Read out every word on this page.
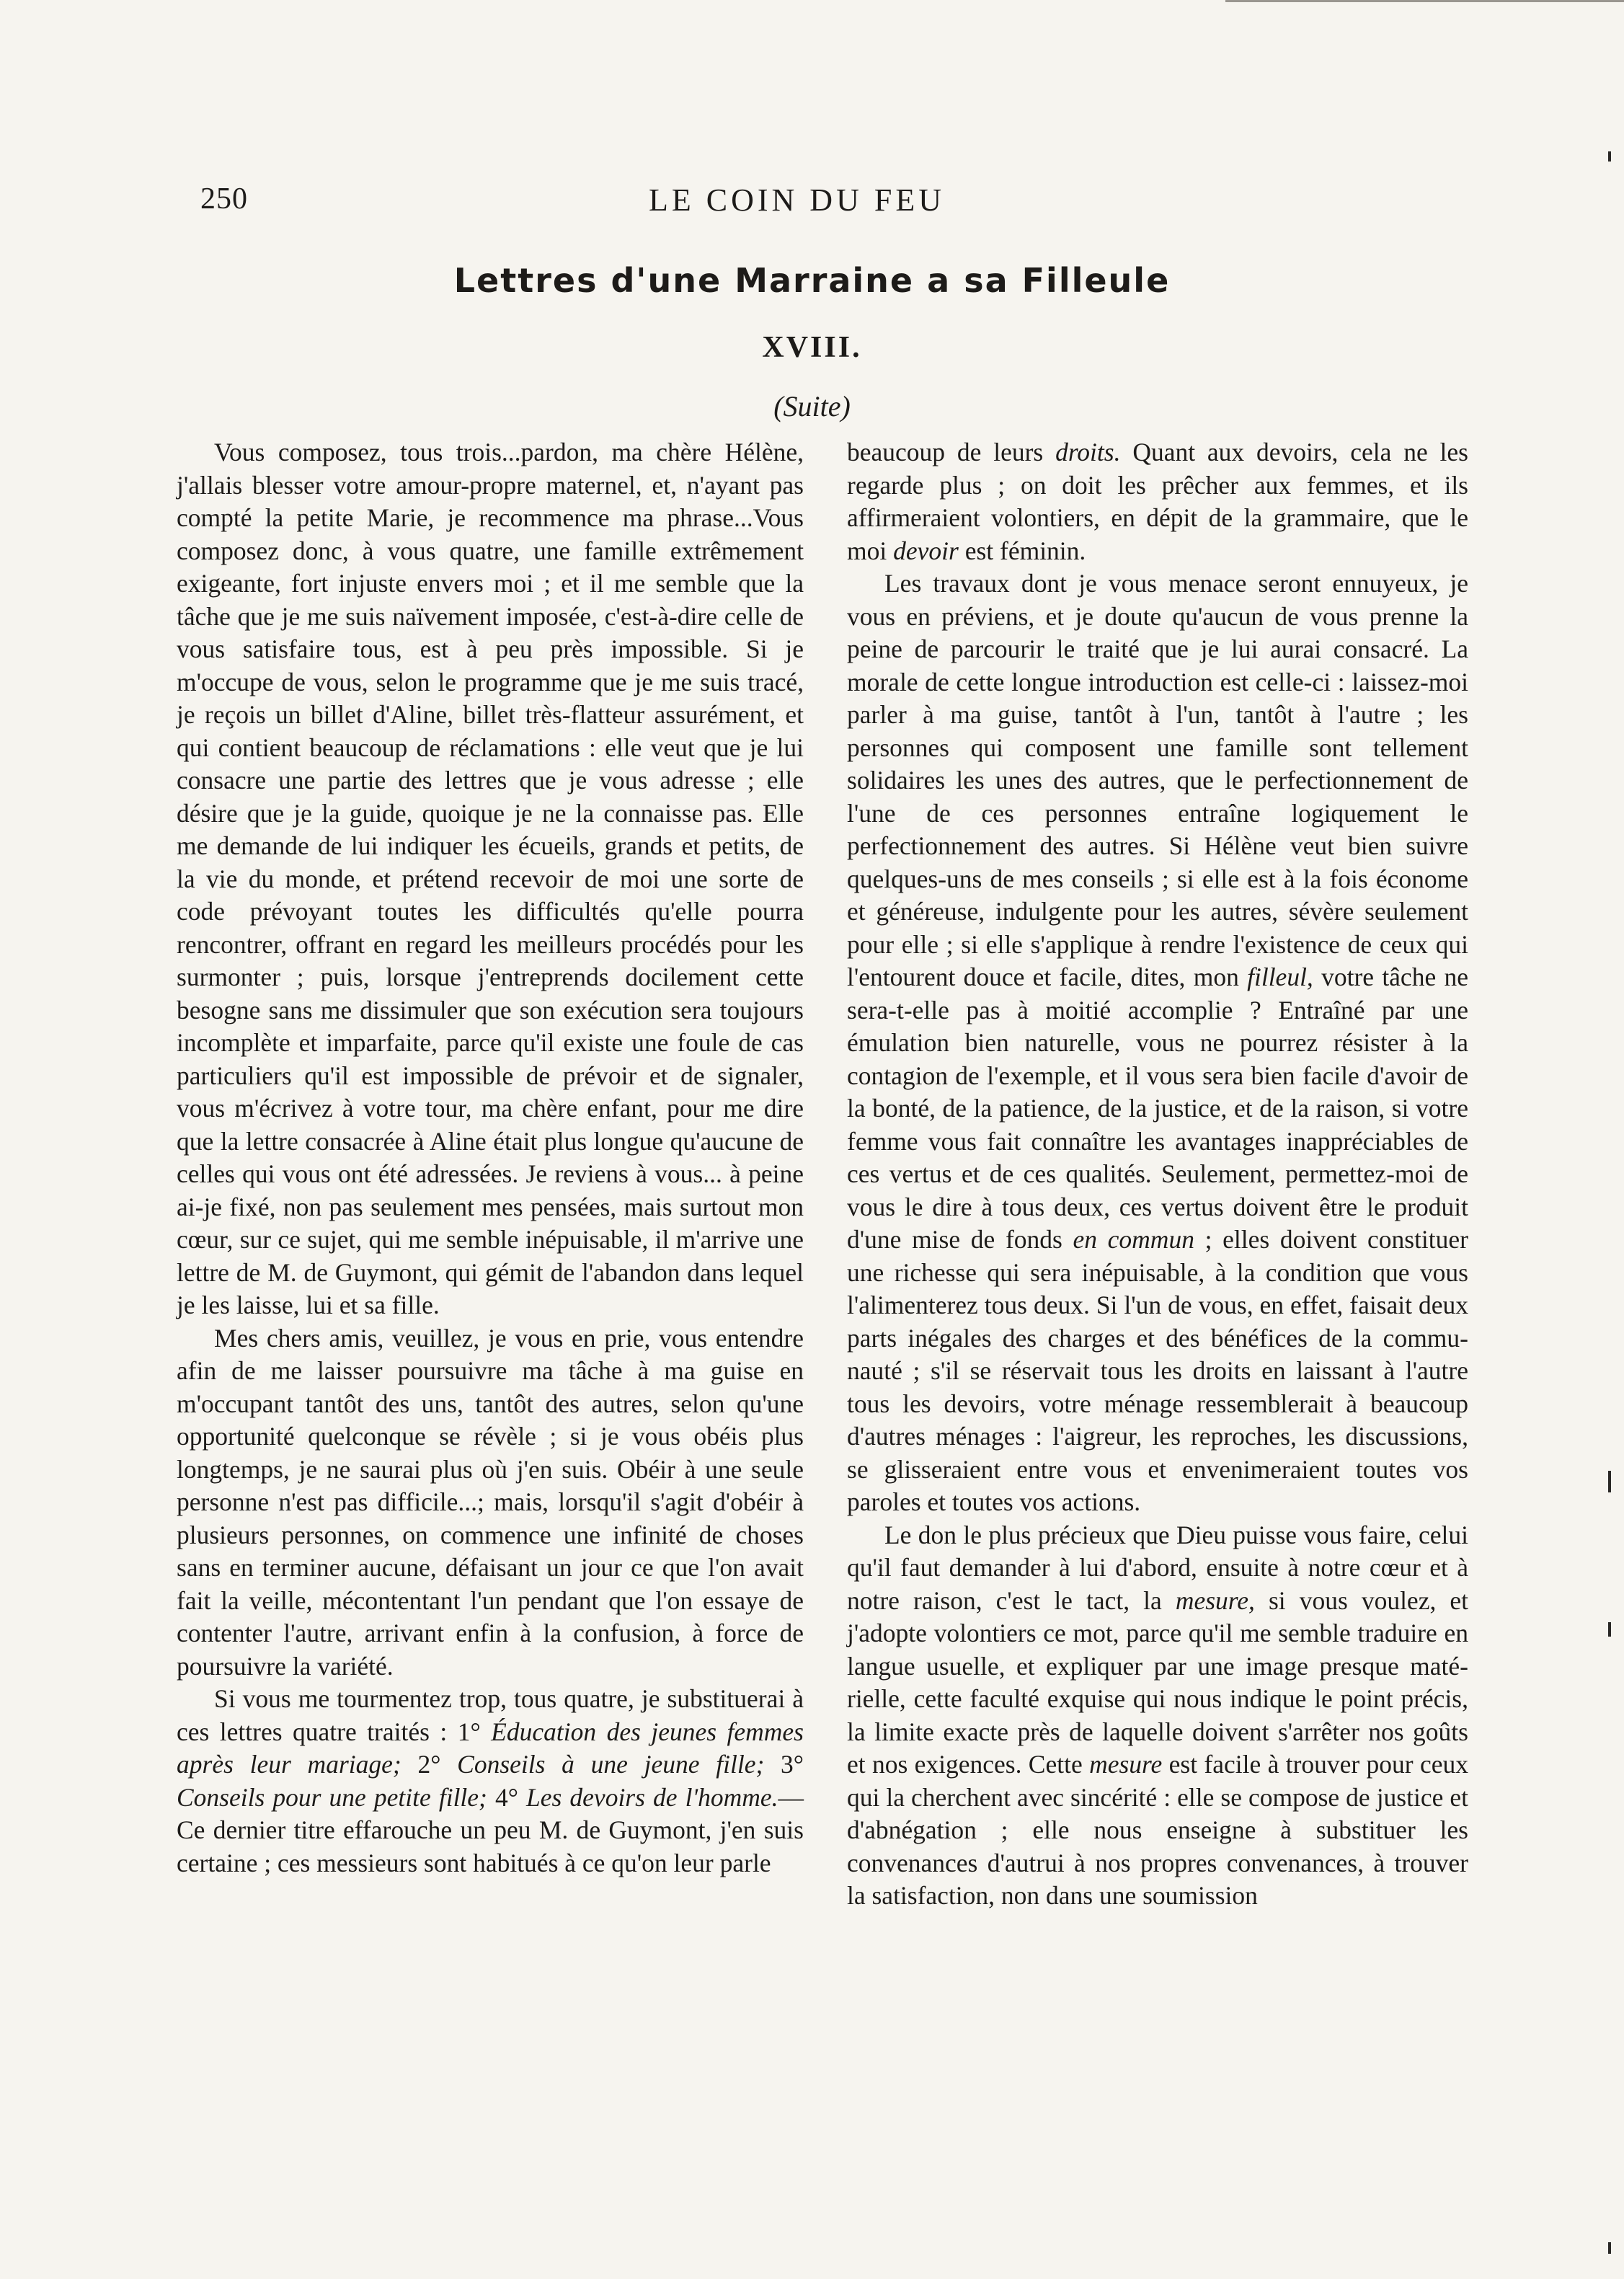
250	LE COIN DU FEU
Lettres d'une Marraine a sa Filleule
XVIII.
(Suite)

Vous composez, tous trois...pardon, ma chère Hélène, j'allais blesser votre amour-propre maternel, et, n'ayant pas compté la petite Marie, je recommence ma phrase...Vous composez donc, à vous quatre, une famille extrêmement exigeante, fort injuste envers moi ; et il me semble que la tâche que je me suis naïvement imposée, c'est-à-dire celle de vous satisfaire tous, est à peu près impossible. Si je m'occupe de vous, selon le programme que je me suis tracé, je reçois un billet d'Aline, billet très-flatteur assurément, et qui contient beaucoup de réclamations : elle veut que je lui consacre une partie des lettres que je vous adresse ; elle désire que je la guide, quoique je ne la connaisse pas. Elle me demande de lui indiquer les écueils, grands et petits, de la vie du monde, et prétend recevoir de moi une sorte de code prévoyant toutes les difficultés qu'elle pourra rencontrer, offrant en regard les meilleurs procédés pour les surmonter ; puis, lorsque j'entreprends docilement cette besogne sans me dissimuler que son exécution sera toujours incomplète et imparfaite, parce qu'il existe une foule de cas particuliers qu'il est impossible de prévoir et de signaler, vous m'écrivez à votre tour, ma chère enfant, pour me dire que la lettre consacrée à Aline était plus longue qu'aucune de celles qui vous ont été adressées. Je reviens à vous... à peine ai-je fixé, non pas seulement mes pensées, mais surtout mon cœur, sur ce sujet, qui me semble inépuisable, il m'arrive une lettre de M. de Guymont, qui gémit de l'abandon dans lequel je les laisse, lui et sa fille.

Mes chers amis, veuillez, je vous en prie, vous entendre afin de me laisser poursuivre ma tâche à ma guise en m'occupant tantôt des uns, tantôt des autres, selon qu'une opportunité quelconque se révèle ; si je vous obéis plus longtemps, je ne saurai plus où j'en suis. Obéir à une seule personne n'est pas difficile...; mais, lorsqu'il s'agit d'obéir à plusieurs personnes, on commence une infinité de choses sans en terminer aucune, défaisant un jour ce que l'on avait fait la veille, mécontentant l'un pendant que l'on essaye de contenter l'autre, arrivant enfin à la confusion, à force de poursuivre la variété.

Si vous me tourmentez trop, tous quatre, je substituerai à ces lettres quatre traités : 1° Éducation des jeunes femmes après leur mariage; 2° Conseils à une jeune fille; 3° Conseils pour une petite fille; 4° Les devoirs de l'homme.—Ce dernier titre effarouche un peu M. de Guymont, j'en suis certaine ; ces messieurs sont habitués à ce qu'on leur parle

beaucoup de leurs droits. Quant aux devoirs, cela ne les regarde plus ; on doit les prêcher aux femmes, et ils affirmeraient volontiers, en dépit de la grammaire, que le moi devoir est féminin.

Les travaux dont je vous menace seront ennuyeux, je vous en préviens, et je doute qu'aucun de vous prenne la peine de parcourir le traité que je lui aurai consacré. La morale de cette longue introduction est celle-ci : laissez-moi parler à ma guise, tantôt à l'un, tantôt à l'autre ; les personnes qui composent une famille sont tellement solidaires les unes des autres, que le perfectionnement de l'une de ces personnes entraîne logiquement le perfectionnement des autres. Si Hélène veut bien suivre quelques-uns de mes conseils ; si elle est à la fois économe et généreuse, indulgente pour les autres, sévère seulement pour elle ; si elle s'applique à rendre l'existence de ceux qui l'entourent douce et facile, dites, mon filleul, votre tâche ne sera-t-elle pas à moitié accomplie ? Entraîné par une émulation bien naturelle, vous ne pourrez résister à la contagion de l'exemple, et il vous sera bien facile d'avoir de la bonté, de la patience, de la justice, et de la raison, si votre femme vous fait connaître les avantages inappréciables de ces vertus et de ces qualités. Seulement, permettez-moi de vous le dire à tous deux, ces vertus doivent être le produit d'une mise de fonds en commun ; elles doivent constituer une richesse qui sera inépuisable, à la condition que vous l'alimenterez tous deux. Si l'un de vous, en effet, faisait deux parts inégales des charges et des bénéfices de la communauté ; s'il se réservait tous les droits en laissant à l'autre tous les devoirs, votre ménage ressemblerait à beaucoup d'autres ménages : l'aigreur, les reproches, les discussions, se glisseraient entre vous et envenimeraient toutes vos paroles et toutes vos actions.

Le don le plus précieux que Dieu puisse vous faire, celui qu'il faut demander à lui d'abord, ensuite à notre cœur et à notre raison, c'est le tact, la mesure, si vous voulez, et j'adopte volontiers ce mot, parce qu'il me semble traduire en langue usuelle, et expliquer par une image presque matérielle, cette faculté exquise qui nous indique le point précis, la limite exacte près de laquelle doivent s'arrêter nos goûts et nos exigences. Cette mesure est facile à trouver pour ceux qui la cherchent avec sincérité : elle se compose de justice et d'abnégation ; elle nous enseigne à substituer les convenances d'autrui à nos propres convenances, à trouver la satisfaction, non dans une soumission
